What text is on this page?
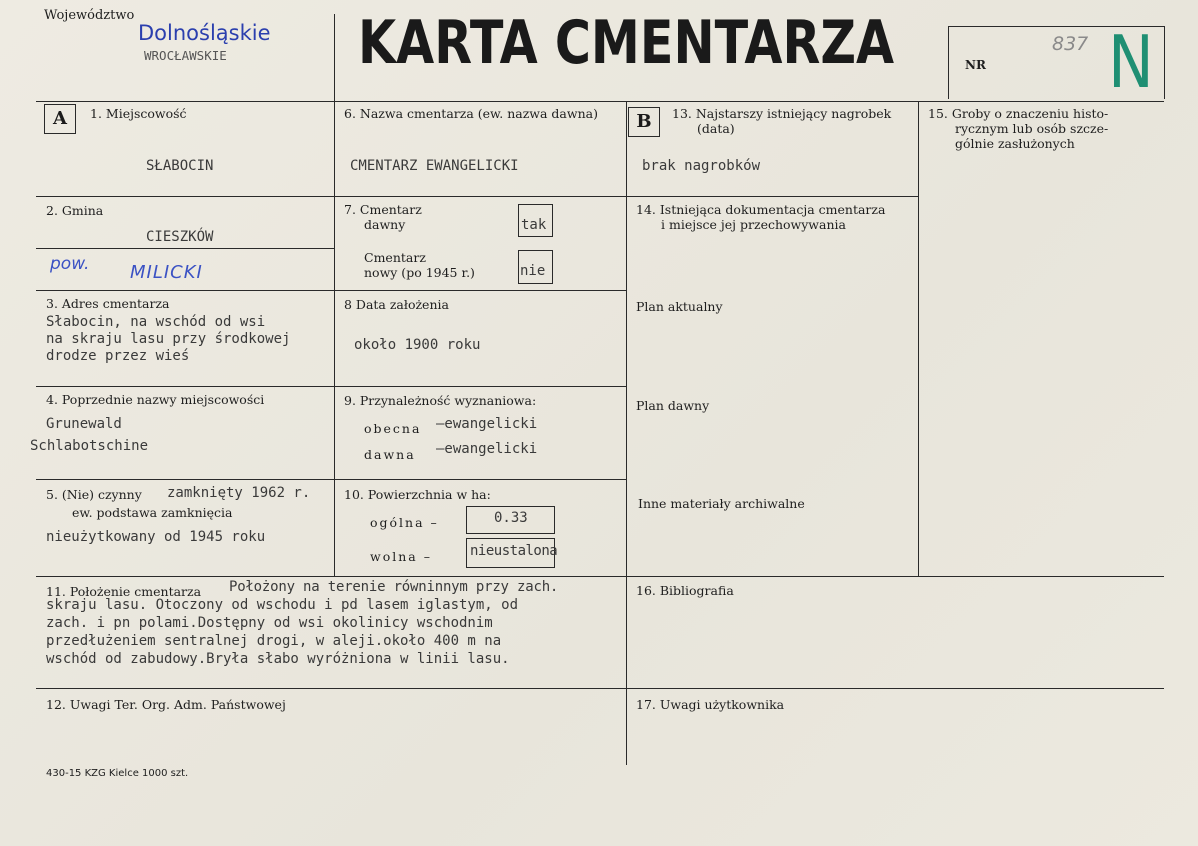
Województwo
Dolnośląskie
WROCŁAWSKIE KARTA CMENTARZA	NR
837 N
A	1. Miejscowość
SŁABOCIN
2. Gmina
CIESZKÓW
pow. MILICKI
3. Adres cmentarza
Słabocin, na wschód od wsi
na skraju lasu przy środkowej
drodze przez wieś
4. Poprzednie nazwy miejscowości
Grunewald
Schlabotschine
5. (Nie) czynny zamknięty 1962 r.
ew. podstawa zamknięcia
nieużytkowany od 1945 roku
6. Nazwa cmentarza (ew. nazwa dawna)
CMENTARZ EWANGELICKI
7. Cmentarz
dawny	tak
Cmentarz
nowy (po 1945 r.)	nie
8 Data założenia
około 1900 roku
9. Przynależność wyznaniowa:
obecna –ewangelicki
dawna –ewangelicki
10. Powierzchnia w ha:
ogólna –	0.33
wolna –	nieustalona
B	13. Najstarszy istniejący nagrobek
(data)
brak nagrobków
14. Istniejąca dokumentacja cmentarza
i miejsce jej przechowywania
Plan aktualny
Plan dawny
Inne materiały archiwalne
15. Groby o znaczeniu histo-
rycznym lub osób szcze-
gólnie zasłużonych
11. Położenie cmentarza Położony na terenie równinnym przy zach.
skraju lasu. Otoczony od wschodu i pd lasem iglastym, od
zach. i pn polami.Dostępny od wsi okolinicy wschodnim
przedłużeniem sentralnej drogi, w aleji.około 400 m na
wschód od zabudowy.Bryła słabo wyróżniona w linii lasu.
16. Bibliografia
12. Uwagi Ter. Org. Adm. Państwowej	17. Uwagi użytkownika
430-15 KZG Kielce 1000 szt.
